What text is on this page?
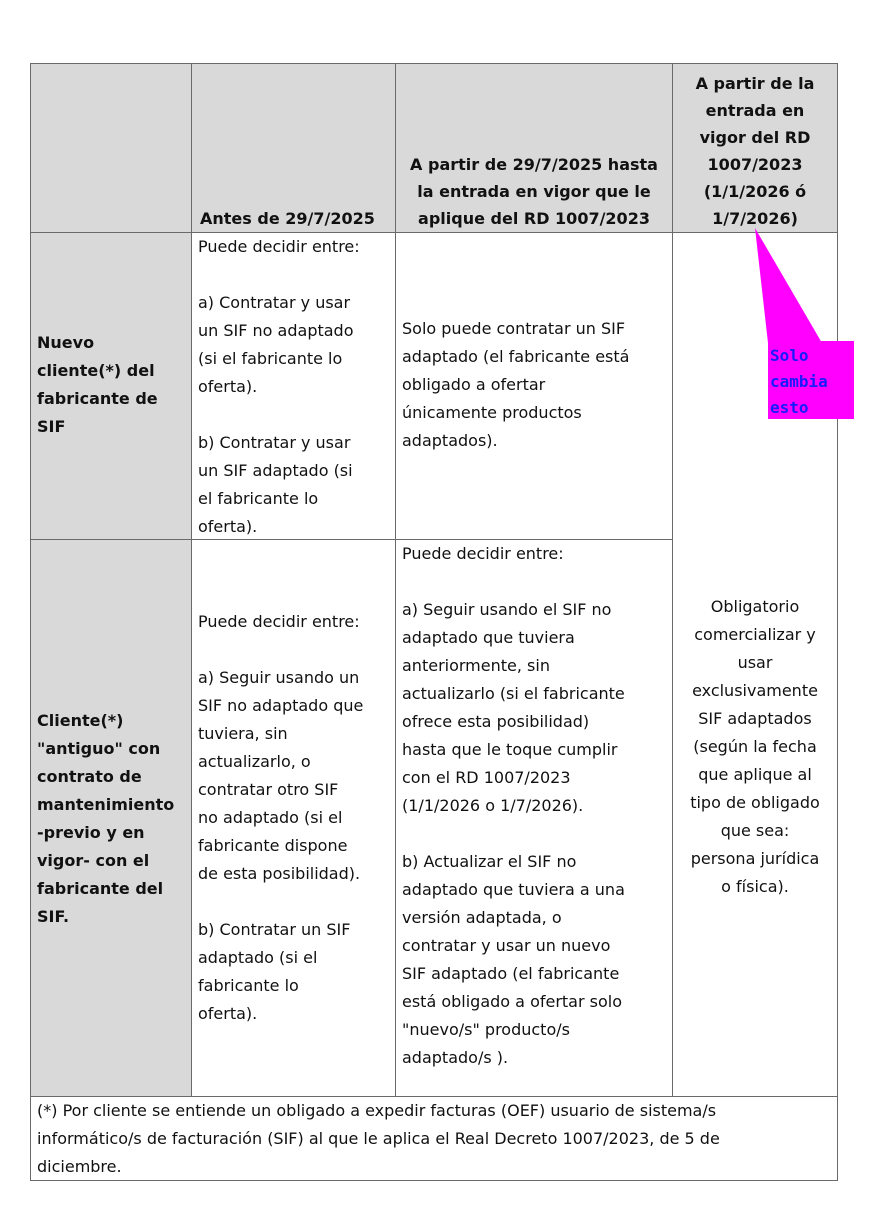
Antes de 29/7/2025
A partir de 29/7/2025 hasta
la entrada en vigor que le
aplique del RD 1007/2023
A partir de la
entrada en
vigor del RD
1007/2023
(1/1/2026 ó
1/7/2026)
Nuevo
cliente(*) del
fabricante de
SIF
Puede decidir entre:

a) Contratar y usar
un SIF no adaptado
(si el fabricante lo
oferta).

b) Contratar y usar
un SIF adaptado (si
el fabricante lo
oferta).
Solo puede contratar un SIF
adaptado (el fabricante está
obligado a ofertar
únicamente productos
adaptados).
Cliente(*)
"antiguo" con
contrato de
mantenimiento
-previo y en
vigor- con el
fabricante del
SIF.
Puede decidir entre:

a) Seguir usando un
SIF no adaptado que
tuviera, sin
actualizarlo, o
contratar otro SIF
no adaptado (si el
fabricante dispone
de esta posibilidad).

b) Contratar un SIF
adaptado (si el
fabricante lo
oferta).
Puede decidir entre:

a) Seguir usando el SIF no
adaptado que tuviera
anteriormente, sin
actualizarlo (si el fabricante
ofrece esta posibilidad)
hasta que le toque cumplir
con el RD 1007/2023
(1/1/2026 o 1/7/2026).

b) Actualizar el SIF no
adaptado que tuviera a una
versión adaptada, o
contratar y usar un nuevo
SIF adaptado (el fabricante
está obligado a ofertar solo
"nuevo/s" producto/s
adaptado/s ).
Obligatorio
comercializar y
usar
exclusivamente
SIF adaptados
(según la fecha
que aplique al
tipo de obligado
que sea:
persona jurídica
o física).
(*) Por cliente se entiende un obligado a expedir facturas (OEF) usuario de sistema/s
informático/s de facturación (SIF) al que le aplica el Real Decreto 1007/2023, de 5 de
diciembre.
Solo
cambia
esto
